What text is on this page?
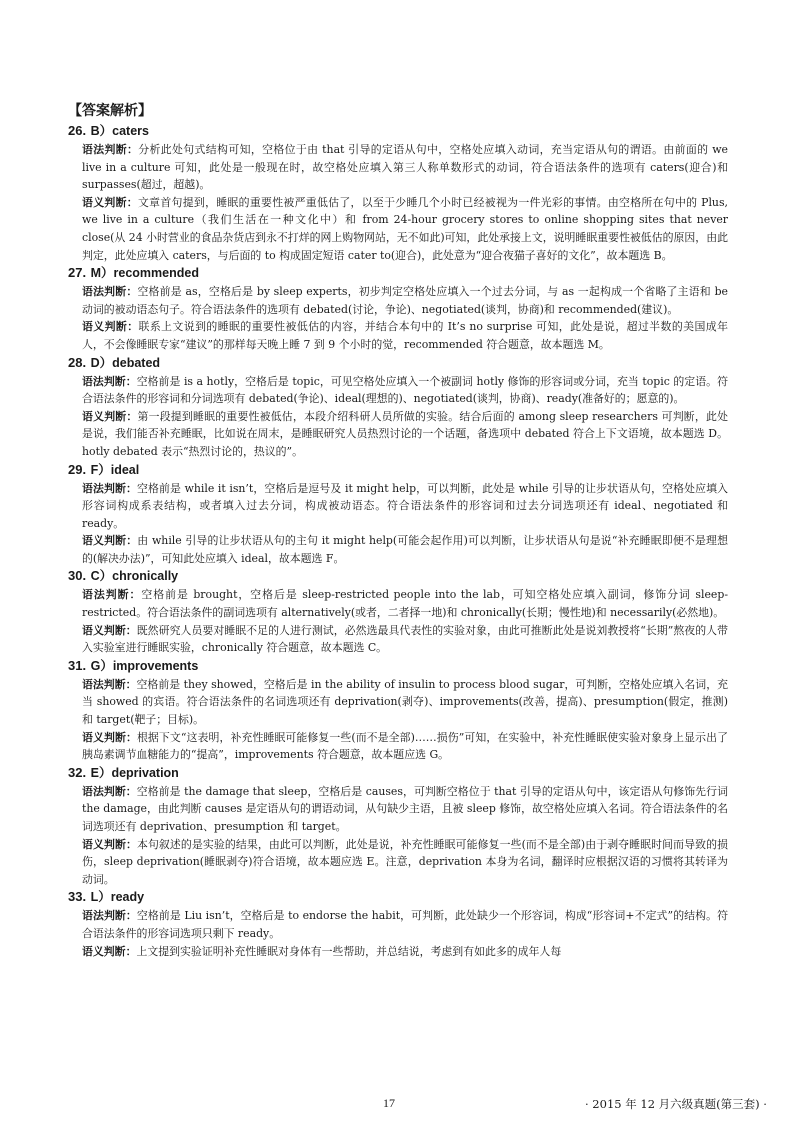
【答案解析】
26. B）caters

语法判断：分析此处句式结构可知，空格位于由 that 引导的定语从句中，空格处应填入动词，充当定语从句的谓语。由前面的 we live in a culture 可知，此处是一般现在时，故空格处应填入第三人称单数形式的动词，符合语法条件的选项有 caters(迎合)和 surpasses(超过，超越)。

语义判断：文章首句提到，睡眠的重要性被严重低估了，以至于少睡几个小时已经被视为一件光彩的事情。由空格所在句中的 Plus, we live in a culture（我们生活在一种文化中）和 from 24-hour grocery stores to online shopping sites that never close(从 24 小时营业的食品杂货店到永不打烊的网上购物网站，无不如此)可知，此处承接上文，说明睡眠重要性被低估的原因，由此判定，此处应填入 caters，与后面的 to 构成固定短语 cater to(迎合)，此处意为“迎合夜猫子喜好的文化”，故本题选 B。

27. M）recommended

语法判断：空格前是 as，空格后是 by sleep experts，初步判定空格处应填入一个过去分词，与 as 一起构成一个省略了主语和 be 动词的被动语态句子。符合语法条件的选项有 debated(讨论，争论)、negotiated(谈判，协商)和 recommended(建议)。

语义判断：联系上文说到的睡眠的重要性被低估的内容，并结合本句中的 It’s no surprise 可知，此处是说，超过半数的美国成年人，不会像睡眠专家“建议”的那样每天晚上睡 7 到 9 个小时的觉，recommended 符合题意，故本题选 M。

28. D）debated

语法判断：空格前是 is a hotly，空格后是 topic，可见空格处应填入一个被副词 hotly 修饰的形容词或分词，充当 topic 的定语。符合语法条件的形容词和分词选项有 debated(争论)、ideal(理想的)、negotiated(谈判，协商)、ready(准备好的；愿意的)。

语义判断：第一段提到睡眠的重要性被低估，本段介绍科研人员所做的实验。结合后面的 among sleep researchers 可判断，此处是说，我们能否补充睡眠，比如说在周末，是睡眠研究人员热烈讨论的一个话题，备选项中 debated 符合上下文语境，故本题选 D。hotly debated 表示“热烈讨论的，热议的”。

29. F）ideal

语法判断：空格前是 while it isn’t，空格后是逗号及 it might help，可以判断，此处是 while 引导的让步状语从句，空格处应填入形容词构成系表结构，或者填入过去分词，构成被动语态。符合语法条件的形容词和过去分词选项还有 ideal、negotiated 和 ready。

语义判断：由 while 引导的让步状语从句的主句 it might help(可能会起作用)可以判断，让步状语从句是说“补充睡眠即便不是理想的(解决办法)”，可知此处应填入 ideal，故本题选 F。

30. C）chronically

语法判断：空格前是 brought，空格后是 sleep-restricted people into the lab，可知空格处应填入副词，修饰分词 sleep-restricted。符合语法条件的副词选项有 alternatively(或者，二者择一地)和 chronically(长期；慢性地)和 necessarily(必然地)。

语义判断：既然研究人员要对睡眠不足的人进行测试，必然选最具代表性的实验对象，由此可推断此处是说刘教授将“长期”熬夜的人带入实验室进行睡眠实验，chronically 符合题意，故本题选 C。

31. G）improvements

语法判断：空格前是 they showed，空格后是 in the ability of insulin to process blood sugar，可判断，空格处应填入名词，充当 showed 的宾语。符合语法条件的名词选项还有 deprivation(剥夺)、improvements(改善，提高)、presumption(假定，推测)和 target(靶子；目标)。

语义判断：根据下文“这表明，补充性睡眠可能修复一些(而不是全部)……损伤”可知，在实验中，补充性睡眠使实验对象身上显示出了胰岛素调节血糖能力的“提高”，improvements 符合题意，故本题应选 G。

32. E）deprivation

语法判断：空格前是 the damage that sleep，空格后是 causes，可判断空格位于 that 引导的定语从句中，该定语从句修饰先行词 the damage，由此判断 causes 是定语从句的谓语动词，从句缺少主语，且被 sleep 修饰，故空格处应填入名词。符合语法条件的名词选项还有 deprivation、presumption 和 target。

语义判断：本句叙述的是实验的结果，由此可以判断，此处是说，补充性睡眠可能修复一些(而不是全部)由于剥夺睡眠时间而导致的损伤，sleep deprivation(睡眠剥夺)符合语境，故本题应选 E。注意，deprivation 本身为名词，翻译时应根据汉语的习惯将其转译为动词。

33. L）ready

语法判断：空格前是 Liu isn’t，空格后是 to endorse the habit，可判断，此处缺少一个形容词，构成“形容词+不定式”的结构。符合语法条件的形容词选项只剩下 ready。

语义判断：上文提到实验证明补充性睡眠对身体有一些帮助，并总结说，考虑到有如此多的成年人每

17	· 2015 年 12 月六级真题(第三套) ·
